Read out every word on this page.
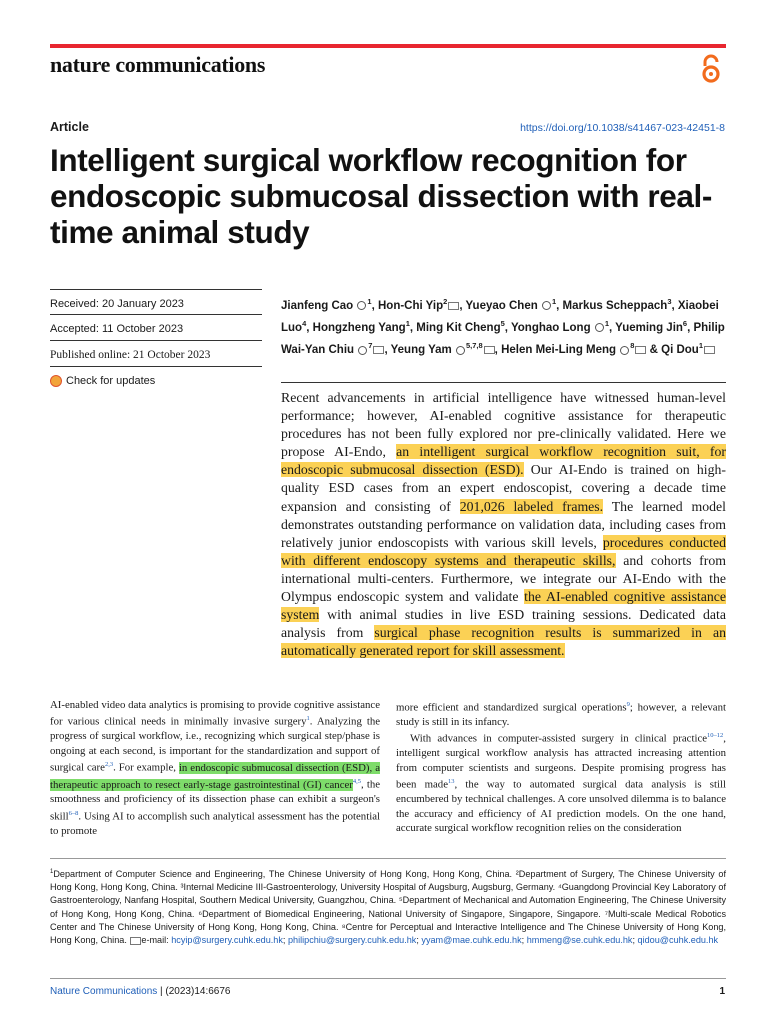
nature communications
Article	https://doi.org/10.1038/s41467-023-42451-8
Intelligent surgical workflow recognition for endoscopic submucosal dissection with real-time animal study
Received: 20 January 2023
Accepted: 11 October 2023
Published online: 21 October 2023
Check for updates
Jianfeng Cao $^1$, Hon-Chi Yip$^2$ , Yueyao Chen $^1$, Markus Scheppach$^3$, Xiaobei Luo$^4$, Hongzheng Yang$^1$, Ming Kit Cheng$^5$, Yonghao Long $^1$, Yueming Jin$^6$, Philip Wai-Yan Chiu $^7$ , Yeung Yam $^{5,7,8}$ , Helen Mei-Ling Meng $^8$ & Qi Dou$^1$
Recent advancements in artificial intelligence have witnessed human-level performance; however, AI-enabled cognitive assistance for therapeutic procedures has not been fully explored nor pre-clinically validated. Here we propose AI-Endo, an intelligent surgical workflow recognition suit, for endoscopic submucosal dissection (ESD). Our AI-Endo is trained on high-quality ESD cases from an expert endoscopist, covering a decade time expansion and consisting of 201,026 labeled frames. The learned model demonstrates outstanding performance on validation data, including cases from relatively junior endoscopists with various skill levels, procedures conducted with different endoscopy systems and therapeutic skills, and cohorts from international multi-centers. Furthermore, we integrate our AI-Endo with the Olympus endoscopic system and validate the AI-enabled cognitive assistance system with animal studies in live ESD training sessions. Dedicated data analysis from surgical phase recognition results is summarized in an automatically generated report for skill assessment.

AI-enabled video data analytics is promising to provide cognitive assistance for various clinical needs in minimally invasive surgery$^1$. Analyzing the progress of surgical workflow, i.e., recognizing which surgical step/phase is ongoing at each second, is important for the standardization and support of surgical care$^{2,3}$. For example, in endoscopic submucosal dissection (ESD), a therapeutic approach to resect early-stage gastrointestinal (GI) cancer$^{4,5}$, the smoothness and proficiency of its dissection phase can exhibit a surgeon's skill$^{6-8}$. Using AI to accomplish such analytical assessment has the potential to promote

more efficient and standardized surgical operations$^9$; however, a relevant study is still in its infancy.

With advances in computer-assisted surgery in clinical practice$^{10-12}$, intelligent surgical workflow analysis has attracted increasing attention from computer scientists and surgeons. Despite promising progress has been made$^{13}$, the way to automated surgical data analysis is still encumbered by technical challenges. A core unsolved dilemma is to balance the accuracy and efficiency of AI prediction models. On the one hand, accurate surgical workflow recognition relies on the consideration

$^1$Department of Computer Science and Engineering, The Chinese University of Hong Kong, Hong Kong, China. ²Department of Surgery, The Chinese University of Hong Kong, Hong Kong, China. ³Internal Medicine III-Gastroenterology, University Hospital of Augsburg, Augsburg, Germany. ⁴Guangdong Provincial Key Laboratory of Gastroenterology, Nanfang Hospital, Southern Medical University, Guangzhou, China. ⁵Department of Mechanical and Automation Engineering, The Chinese University of Hong Kong, Hong Kong, China. ⁶Department of Biomedical Engineering, National University of Singapore, Singapore, Singapore. ⁷Multi-scale Medical Robotics Center and The Chinese University of Hong Kong, Hong Kong, China. ⁸Centre for Perceptual and Interactive Intelligence and The Chinese University of Hong Kong, Hong Kong, China. e-mail: hcyip@surgery.cuhk.edu.hk; philipchiu@surgery.cuhk.edu.hk; yyam@mae.cuhk.edu.hk; hmmeng@se.cuhk.edu.hk; qidou@cuhk.edu.hk
Nature Communications | (2023)14:6676	1
